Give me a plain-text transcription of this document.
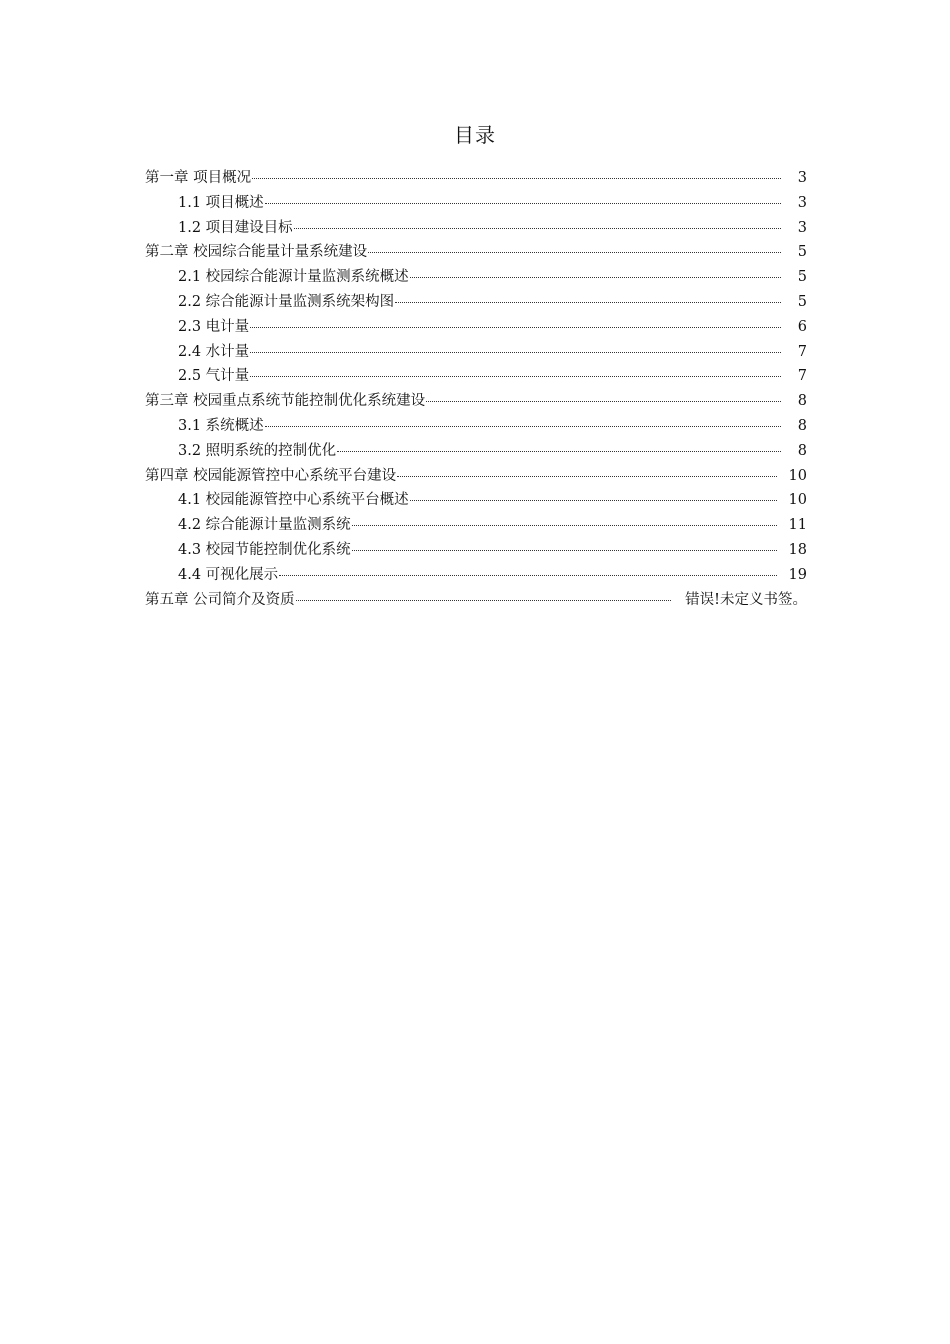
目录
第一章 项目概况	3
1.1 项目概述	3
1.2 项目建设目标	3
第二章 校园综合能量计量系统建设	5
2.1 校园综合能源计量监测系统概述	5
2.2 综合能源计量监测系统架构图	5
2.3 电计量	6
2.4 水计量	7
2.5 气计量	7
第三章 校园重点系统节能控制优化系统建设	8
3.1 系统概述	8
3.2 照明系统的控制优化	8
第四章 校园能源管控中心系统平台建设	10
4.1 校园能源管控中心系统平台概述	10
4.2 综合能源计量监测系统	11
4.3 校园节能控制优化系统	18
4.4 可视化展示	19
第五章 公司简介及资质	错误!未定义书签。
